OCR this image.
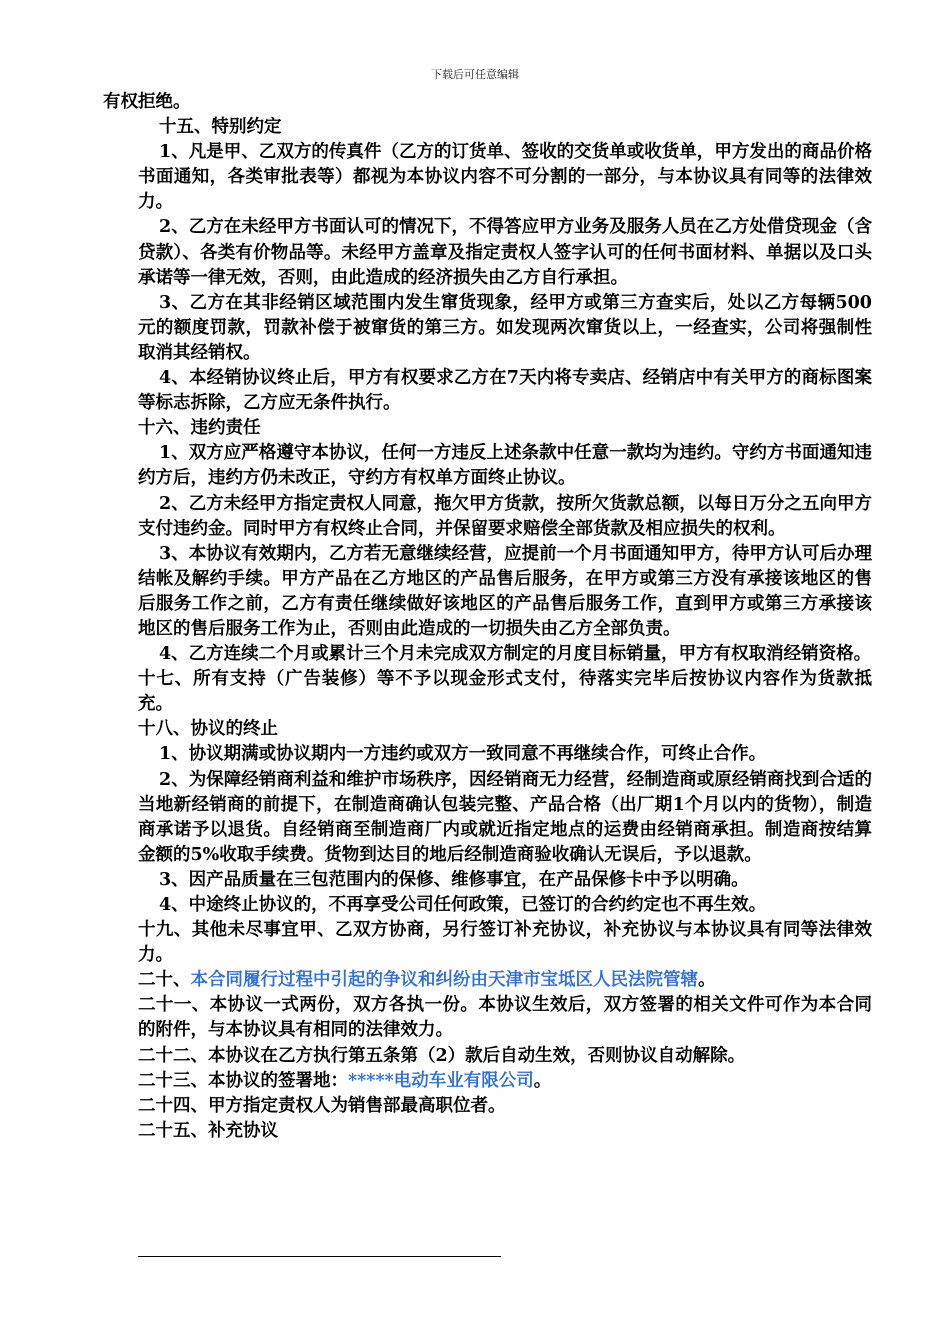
下载后可任意编辑

有权拒绝。

十五、特别约定

1、凡是甲、乙双方的传真件（乙方的订货单、签收的交货单或收货单，甲方发出的商品价格书面通知，各类审批表等）都视为本协议内容不可分割的一部分，与本协议具有同等的法律效力。

2、乙方在未经甲方书面认可的情况下，不得答应甲方业务及服务人员在乙方处借贷现金（含贷款）、各类有价物品等。未经甲方盖章及指定责权人签字认可的任何书面材料、单据以及口头承诺等一律无效，否则，由此造成的经济损失由乙方自行承担。

3、乙方在其非经销区域范围内发生窜货现象，经甲方或第三方查实后，处以乙方每辆500元的额度罚款，罚款补偿于被窜货的第三方。如发现两次窜货以上，一经查实，公司将强制性取消其经销权。

4、本经销协议终止后，甲方有权要求乙方在7天内将专卖店、经销店中有关甲方的商标图案等标志拆除，乙方应无条件执行。

十六、违约责任

1、双方应严格遵守本协议，任何一方违反上述条款中任意一款均为违约。守约方书面通知违约方后，违约方仍未改正，守约方有权单方面终止协议。

2、乙方未经甲方指定责权人同意，拖欠甲方货款，按所欠货款总额，以每日万分之五向甲方支付违约金。同时甲方有权终止合同，并保留要求赔偿全部货款及相应损失的权利。

3、本协议有效期内，乙方若无意继续经营，应提前一个月书面通知甲方，待甲方认可后办理结帐及解约手续。甲方产品在乙方地区的产品售后服务，在甲方或第三方没有承接该地区的售后服务工作之前，乙方有责任继续做好该地区的产品售后服务工作，直到甲方或第三方承接该地区的售后服务工作为止，否则由此造成的一切损失由乙方全部负责。

4、乙方连续二个月或累计三个月未完成双方制定的月度目标销量，甲方有权取消经销资格。

十七、所有支持（广告装修）等不予以现金形式支付，待落实完毕后按协议内容作为货款抵充。

十八、协议的终止

1、协议期满或协议期内一方违约或双方一致同意不再继续合作，可终止合作。

2、为保障经销商利益和维护市场秩序，因经销商无力经营，经制造商或原经销商找到合适的当地新经销商的前提下，在制造商确认包装完整、产品合格（出厂期1个月以内的货物），制造商承诺予以退货。自经销商至制造商厂内或就近指定地点的运费由经销商承担。制造商按结算金额的5%收取手续费。货物到达目的地后经制造商验收确认无误后，予以退款。

3、因产品质量在三包范围内的保修、维修事宜，在产品保修卡中予以明确。

4、中途终止协议的，不再享受公司任何政策，已签订的合约约定也不再生效。

十九、其他未尽事宜甲、乙双方协商，另行签订补充协议，补充协议与本协议具有同等法律效力。

二十、本合同履行过程中引起的争议和纠纷由天津市宝坻区人民法院管辖。

二十一、本协议一式两份，双方各执一份。本协议生效后，双方签署的相关文件可作为本合同的附件，与本协议具有相同的法律效力。

二十二、本协议在乙方执行第五条第（2）款后自动生效，否则协议自动解除。

二十三、本协议的签署地：*****电动车业有限公司。

二十四、甲方指定责权人为销售部最高职位者。

二十五、补充协议
